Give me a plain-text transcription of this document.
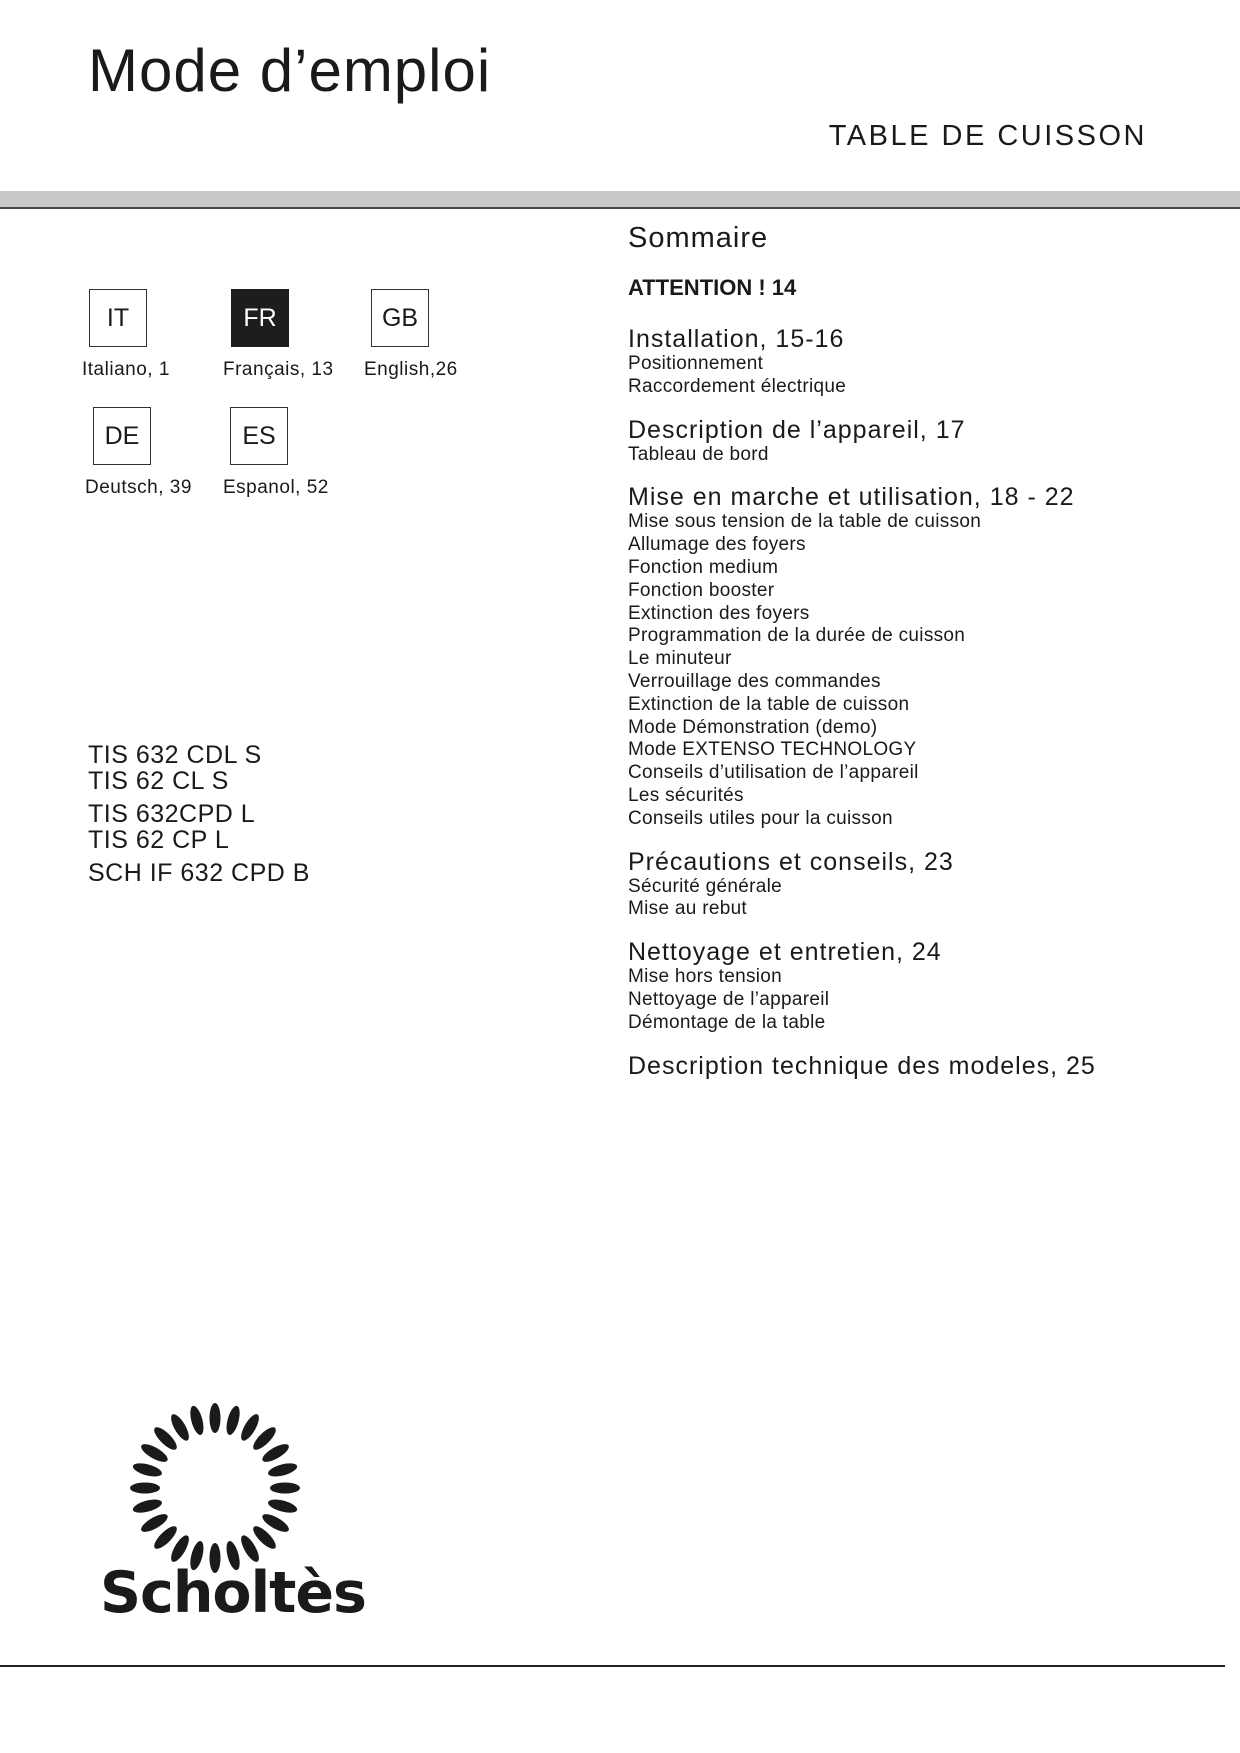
Mode d’emploi
TABLE DE CUISSON
IT
Italiano, 1
FR
Français, 13
GB
English,26
DE
Deutsch, 39
ES
Espanol, 52
TIS 632 CDL S
TIS 62 CL S
TIS 632CPD L
TIS 62 CP L
SCH IF 632 CPD B
Sommaire
ATTENTION ! 14
Installation, 15-16
Positionnement
Raccordement électrique
Description de l’appareil, 17
Tableau de bord
Mise en marche et utilisation, 18 - 22
Mise sous tension de la table de cuisson
Allumage des foyers
Fonction medium
Fonction booster
Extinction des foyers
Programmation de la durée de cuisson
Le minuteur
Verrouillage des commandes
Extinction de la table de cuisson
Mode Démonstration (demo)
Mode EXTENSO TECHNOLOGY
Conseils d’utilisation de l’appareil
Les sécurités
Conseils utiles pour la cuisson
Précautions et conseils, 23
Sécurité générale
Mise au rebut
Nettoyage et entretien, 24
Mise hors tension
Nettoyage de l’appareil
Démontage de la table
Description technique des modeles, 25
Scholtès
